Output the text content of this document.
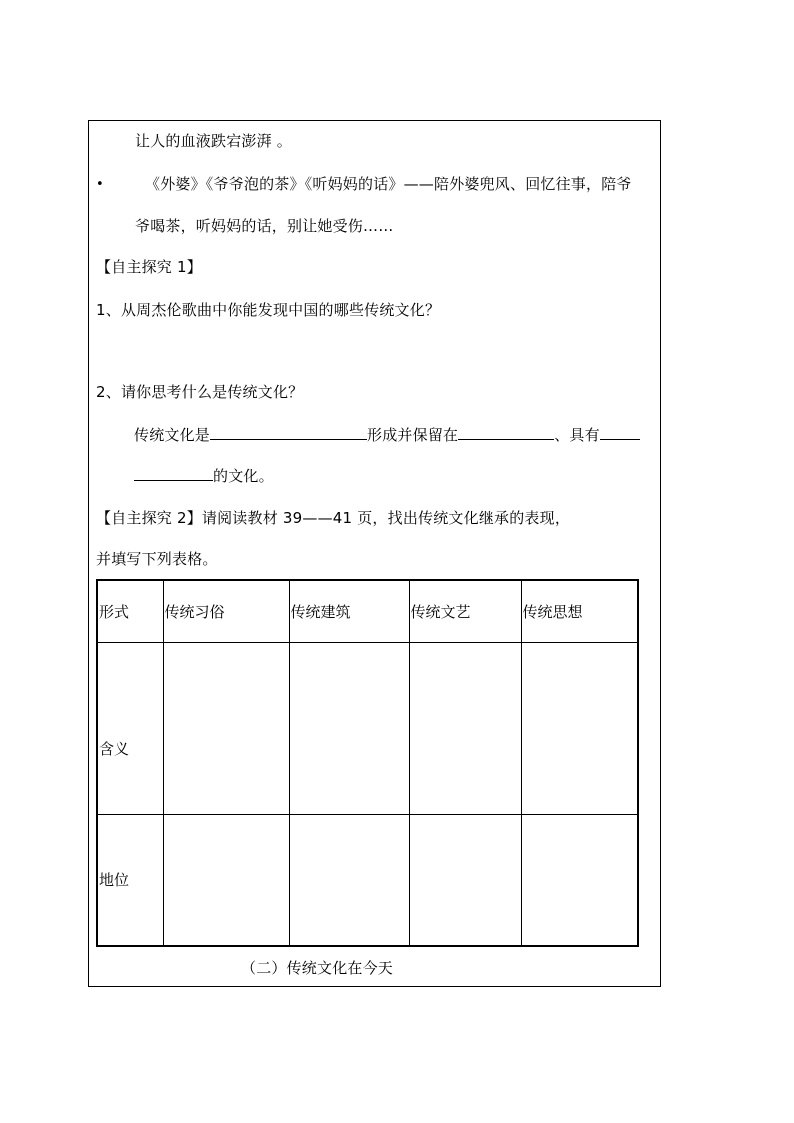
让人的血液跌宕澎湃 。
•	《外婆》《爷爷泡的茶》《听妈妈的话》——陪外婆兜风、回忆往事，陪爷
爷喝茶，听妈妈的话，别让她受伤……
【自主探究 1】
1、从周杰伦歌曲中你能发现中国的哪些传统文化？
2、请你思考什么是传统文化？
传统文化是	形成并保留在	、具有
的文化。
【自主探究 2】请阅读教材 39——41 页，找出传统文化继承的表现，
并填写下列表格。
形式	传统习俗	传统建筑	传统文艺	传统思想
含义				
地位				
（二）传统文化在今天
